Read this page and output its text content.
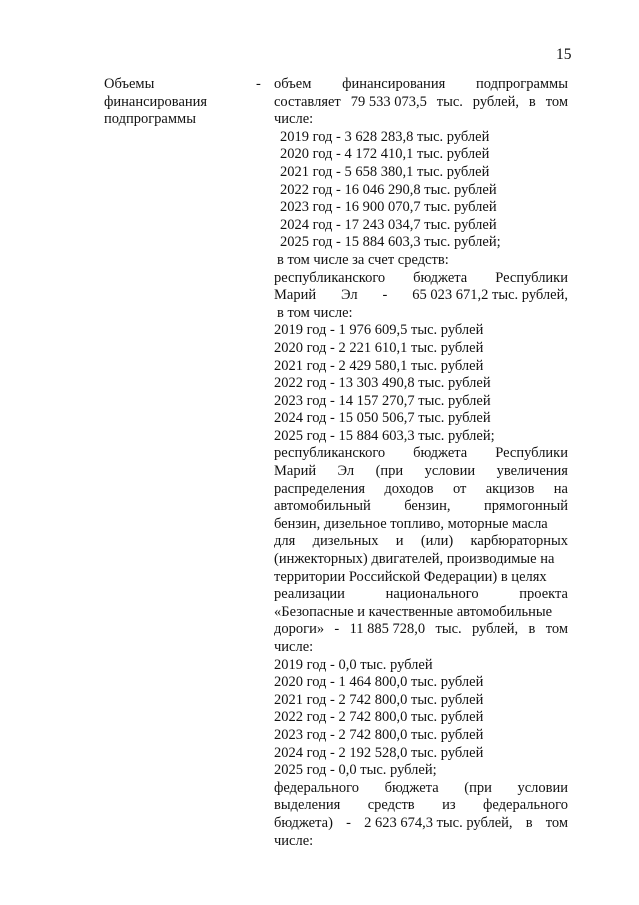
15
Объемы
финансирования
подпрограммы
- объем финансирования подпрограммы
составляет 79 533 073,5 тыс. рублей, в том
числе:
2019 год - 3 628 283,8 тыс. рублей
2020 год - 4 172 410,1 тыс. рублей
2021 год - 5 658 380,1 тыс. рублей
2022 год - 16 046 290,8 тыс. рублей
2023 год - 16 900 070,7 тыс. рублей
2024 год - 17 243 034,7 тыс. рублей
2025 год - 15 884 603,3 тыс. рублей;
в том числе за счет средств:
республиканского бюджета Республики
Марий Эл - 65 023 671,2 тыс. рублей,
в том числе:
2019 год - 1 976 609,5 тыс. рублей
2020 год - 2 221 610,1 тыс. рублей
2021 год - 2 429 580,1 тыс. рублей
2022 год - 13 303 490,8 тыс. рублей
2023 год - 14 157 270,7 тыс. рублей
2024 год - 15 050 506,7 тыс. рублей
2025 год - 15 884 603,3 тыс. рублей;
республиканского бюджета Республики
Марий Эл (при условии увеличения
распределения доходов от акцизов на
автомобильный бензин, прямогонный
бензин, дизельное топливо, моторные масла
для дизельных и (или) карбюраторных
(инжекторных) двигателей, производимые на
территории Российской Федерации) в целях
реализации	национального	проекта
«Безопасные и качественные автомобильные
дороги» - 11 885 728,0 тыс. рублей, в том
числе:
2019 год - 0,0 тыс. рублей
2020 год - 1 464 800,0 тыс. рублей
2021 год - 2 742 800,0 тыс. рублей
2022 год - 2 742 800,0 тыс. рублей
2023 год - 2 742 800,0 тыс. рублей
2024 год - 2 192 528,0 тыс. рублей
2025 год - 0,0 тыс. рублей;
федерального бюджета (при условии
выделения средств из федерального
бюджета) - 2 623 674,3 тыс. рублей, в том
числе:
